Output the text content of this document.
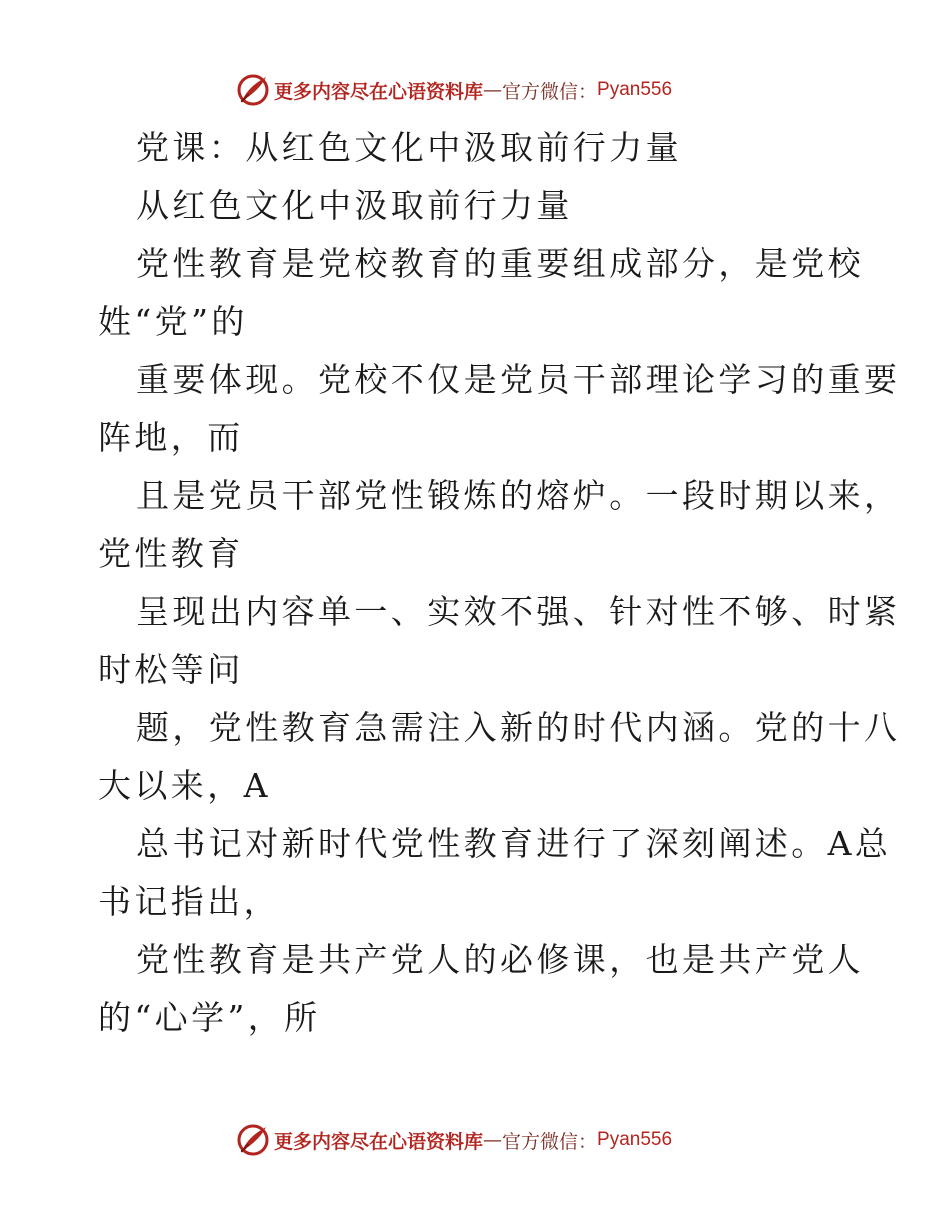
更多内容尽在心语资料库 — 官方微信： Pyan556
党课：从红色文化中汲取前行力量
从红色文化中汲取前行力量
党性教育是党校教育的重要组成部分，是党校
姓“党”的
重要体现。党校不仅是党员干部理论学习的重要
阵地，而
且是党员干部党性锻炼的熔炉。一段时期以来，
党性教育
呈现出内容单一、实效不强、针对性不够、时紧
时松等问
题，党性教育急需注入新的时代内涵。党的十八
大以来，A
总书记对新时代党性教育进行了深刻阐述。A总
书记指出，
党性教育是共产党人的必修课，也是共产党人
的“心学”，所
更多内容尽在心语资料库 — 官方微信： Pyan556
